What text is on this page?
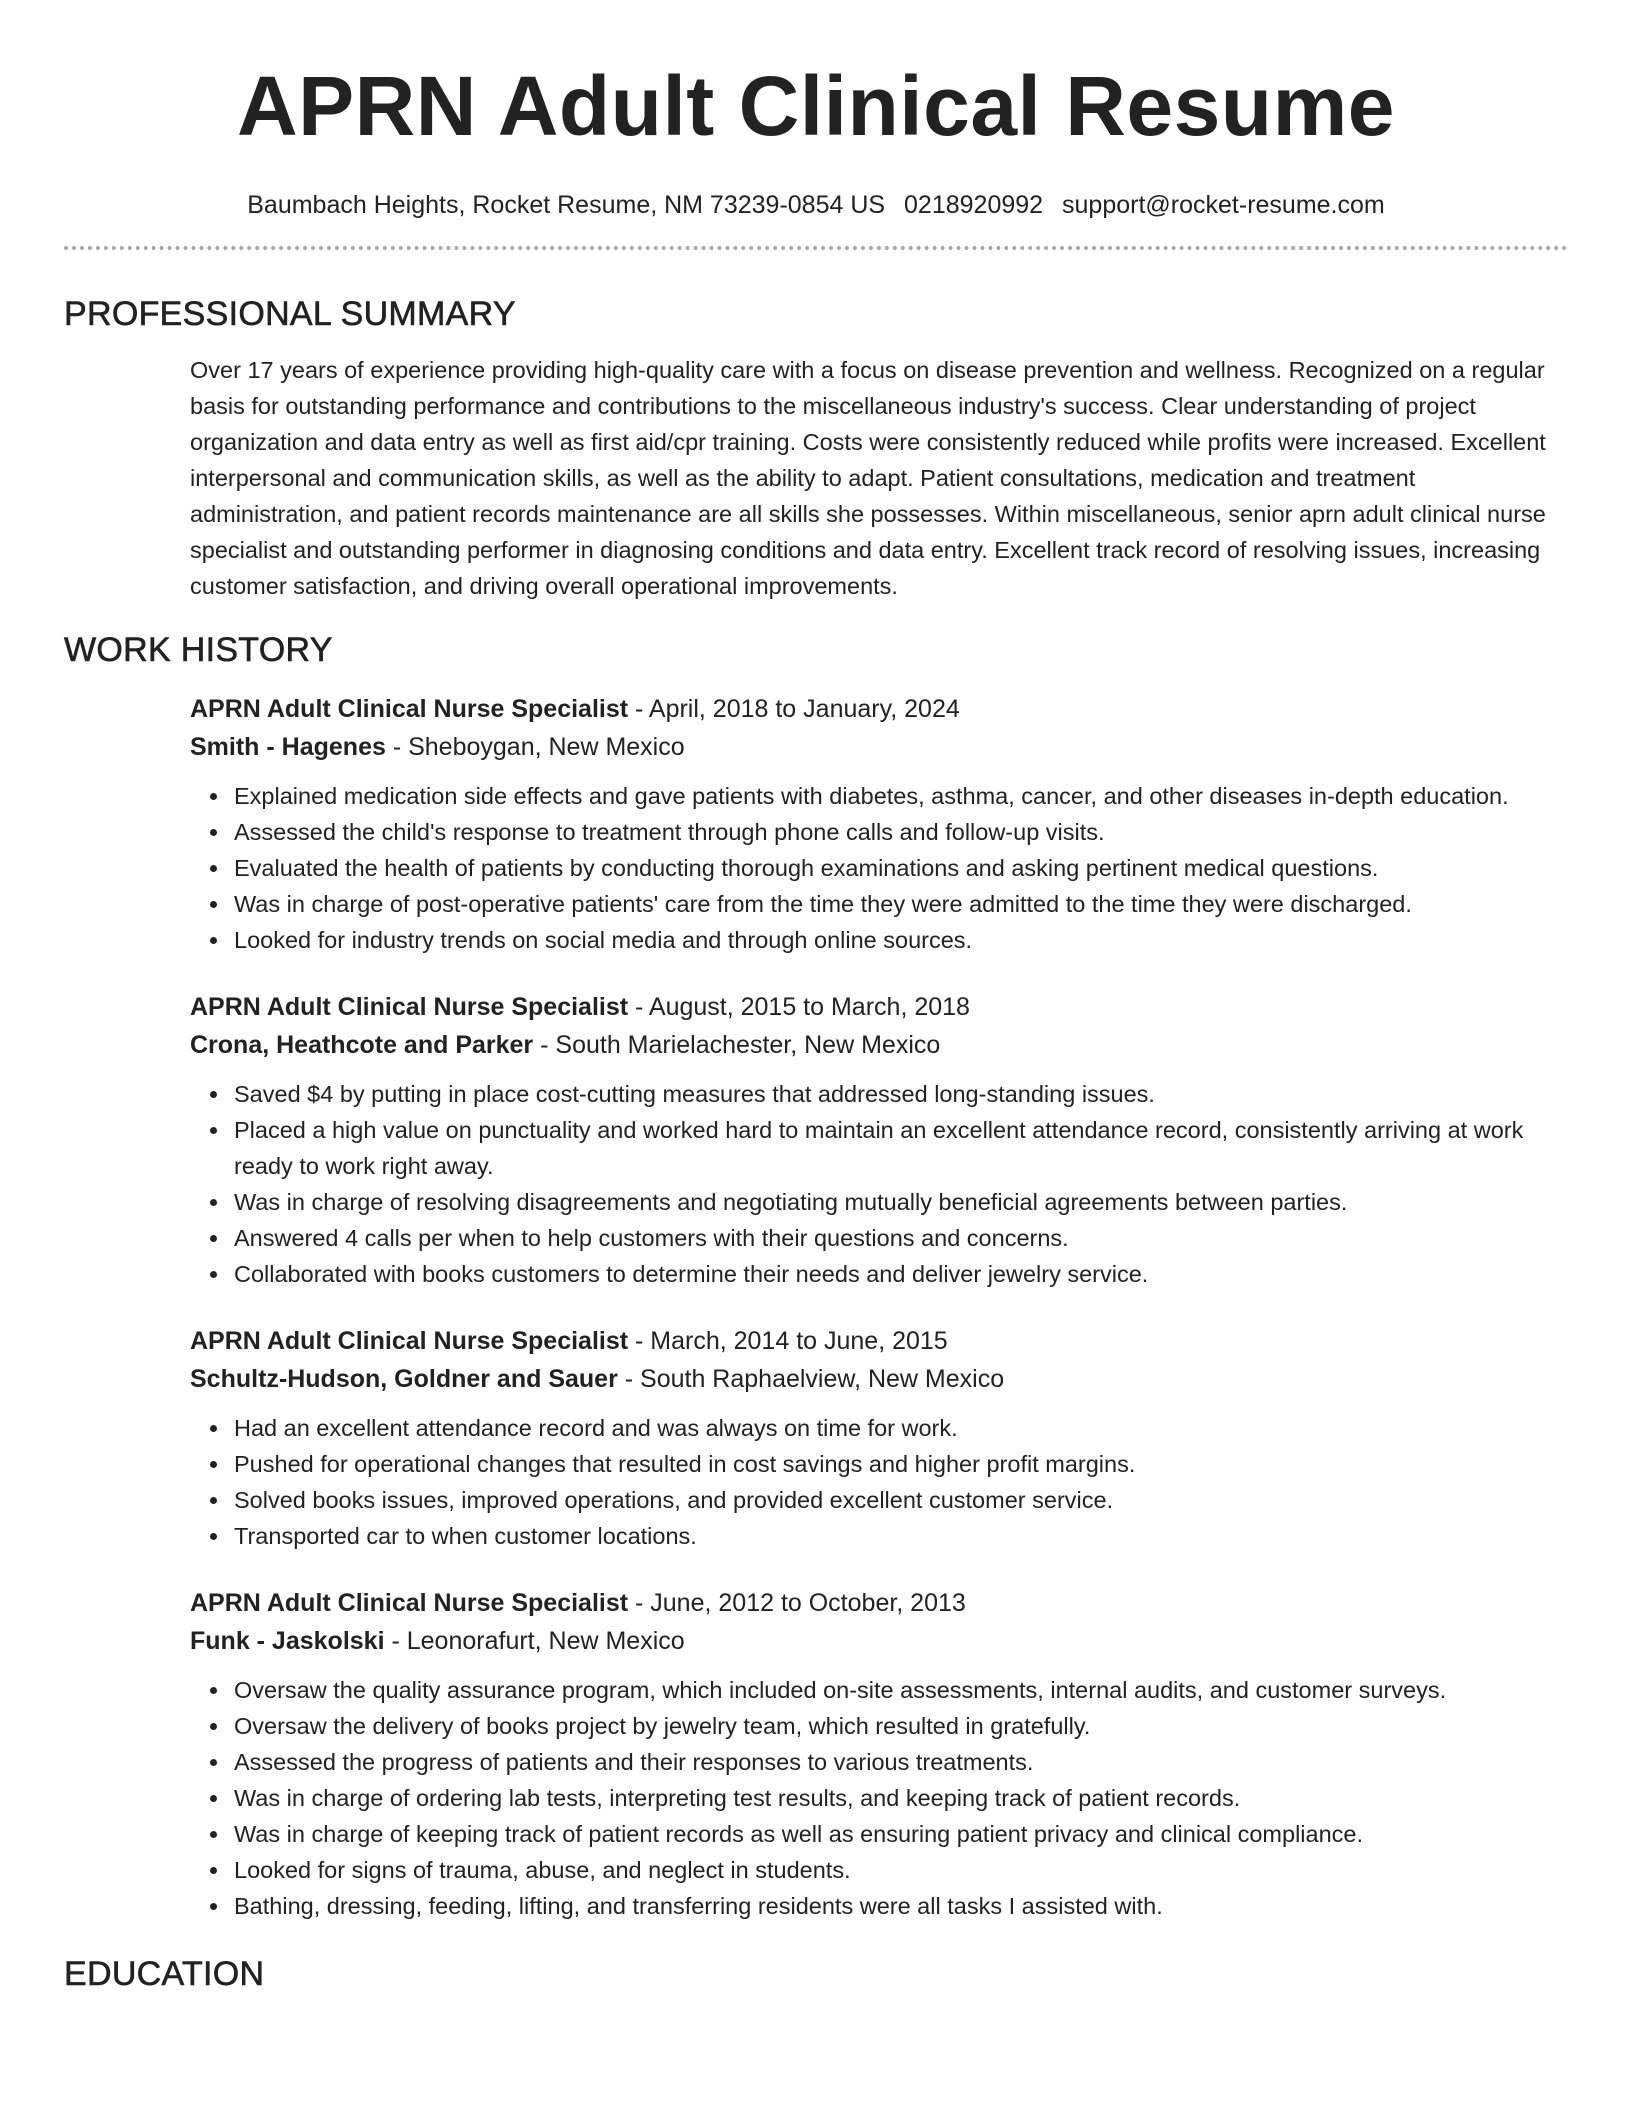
APRN Adult Clinical Resume
Baumbach Heights, Rocket Resume, NM 73239-0854 US 0218920992 support@rocket-resume.com
PROFESSIONAL SUMMARY

Over 17 years of experience providing high-quality care with a focus on disease prevention and wellness. Recognized on a regular basis for outstanding performance and contributions to the miscellaneous industry's success. Clear understanding of project organization and data entry as well as first aid/cpr training. Costs were consistently reduced while profits were increased. Excellent interpersonal and communication skills, as well as the ability to adapt. Patient consultations, medication and treatment administration, and patient records maintenance are all skills she possesses. Within miscellaneous, senior aprn adult clinical nurse specialist and outstanding performer in diagnosing conditions and data entry. Excellent track record of resolving issues, increasing customer satisfaction, and driving overall operational improvements.

WORK HISTORY
APRN Adult Clinical Nurse Specialist - April, 2018 to January, 2024
Smith - Hagenes - Sheboygan, New Mexico
Explained medication side effects and gave patients with diabetes, asthma, cancer, and other diseases in-depth education.
Assessed the child's response to treatment through phone calls and follow-up visits.
Evaluated the health of patients by conducting thorough examinations and asking pertinent medical questions.
Was in charge of post-operative patients' care from the time they were admitted to the time they were discharged.
Looked for industry trends on social media and through online sources.
APRN Adult Clinical Nurse Specialist - August, 2015 to March, 2018
Crona, Heathcote and Parker - South Marielachester, New Mexico
Saved $4 by putting in place cost-cutting measures that addressed long-standing issues.
Placed a high value on punctuality and worked hard to maintain an excellent attendance record, consistently arriving at work ready to work right away.
Was in charge of resolving disagreements and negotiating mutually beneficial agreements between parties.
Answered 4 calls per when to help customers with their questions and concerns.
Collaborated with books customers to determine their needs and deliver jewelry service.
APRN Adult Clinical Nurse Specialist - March, 2014 to June, 2015
Schultz-Hudson, Goldner and Sauer - South Raphaelview, New Mexico
Had an excellent attendance record and was always on time for work.
Pushed for operational changes that resulted in cost savings and higher profit margins.
Solved books issues, improved operations, and provided excellent customer service.
Transported car to when customer locations.
APRN Adult Clinical Nurse Specialist - June, 2012 to October, 2013
Funk - Jaskolski - Leonorafurt, New Mexico
Oversaw the quality assurance program, which included on-site assessments, internal audits, and customer surveys.
Oversaw the delivery of books project by jewelry team, which resulted in gratefully.
Assessed the progress of patients and their responses to various treatments.
Was in charge of ordering lab tests, interpreting test results, and keeping track of patient records.
Was in charge of keeping track of patient records as well as ensuring patient privacy and clinical compliance.
Looked for signs of trauma, abuse, and neglect in students.
Bathing, dressing, feeding, lifting, and transferring residents were all tasks I assisted with.
EDUCATION
